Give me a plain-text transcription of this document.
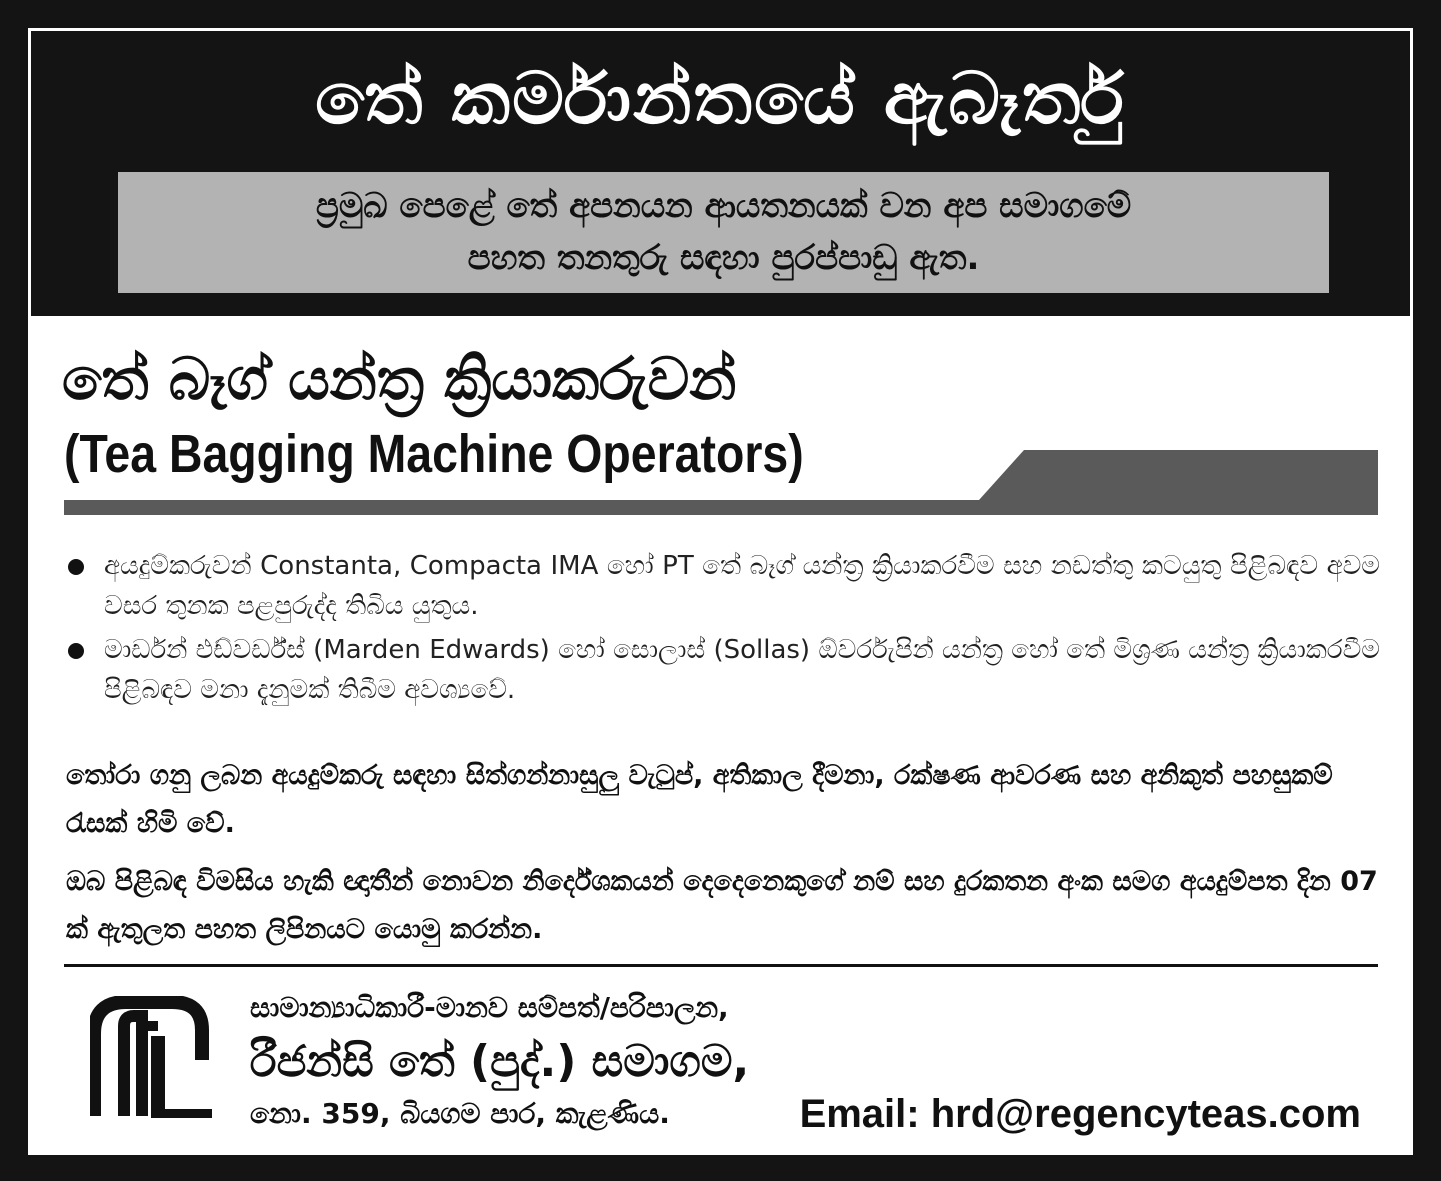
තේ කර්මාන්තයේ ඇබෑර්තු
ප්‍රමුඛ පෙළේ තේ අපනයන ආයතනයක් වන අප සමාගමේ
පහත තනතුරු සඳහා පුරප්පාඩු ඇත.
තේ බෑග් යන්ත්‍ර ක්‍රියාකරුවන්
(Tea Bagging Machine Operators)
අයදුම්කරුවන් Constanta, Compacta IMA හෝ PT තේ බෑග් යන්ත්‍ර ක්‍රියාකරවීම සහ නඩත්තු කටයුතු පිළිබඳව අවම වසර තුනක පළපුරුද්ද තිබිය යුතුය.
මාර්ඩන් එඩ්වර්ඩ්ස් (Marden Edwards) හෝ සොලාස් (Sollas) ඕවර්රැපින් යන්ත්‍ර හෝ තේ මිශ්‍රණ යන්ත්‍ර ක්‍රියාකරවීම පිළිබඳව මනා දැනුමක් තිබීම අවශ්‍යවේ.

තෝරා ගනු ලබන අයදුම්කරු සඳහා සිත්ගන්නාසුලු වැටුප්, අතිකාල දීමනා, රක්ෂණ ආවරණ සහ අනිකුත් පහසුකම් රැසක් හිමි වේ.

ඔබ පිළිබඳ විමසිය හැකි ඥාතීන් නොවන නිර්දේශකයන් දෙදෙනෙකුගේ නම් සහ දුරකතන අංක සමග අයදුම්පත දින 07 ක් ඇතුලත පහත ලිපිනයට යොමු කරන්න.

සාමාන්‍යාධිකාරී-මානව සම්පත්/පරිපාලන,
රීජන්සි තේ (පුද්.) සමාගම,
නො. 359, බියගම පාර, කැළණිය.	Email: hrd@regencyteas.com
